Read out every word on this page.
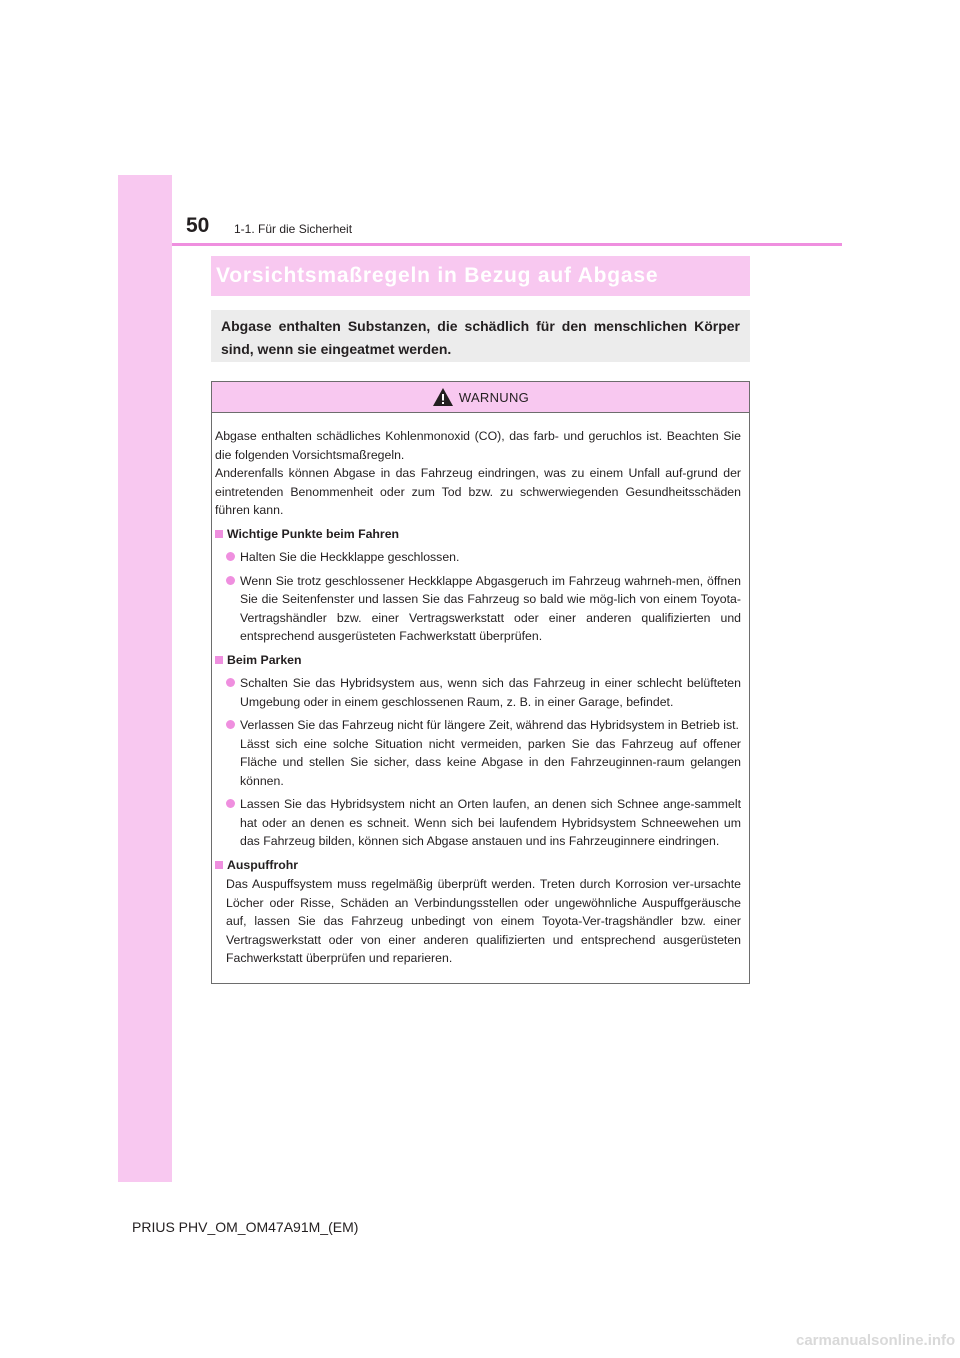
50 1-1. Für die Sicherheit
Vorsichtsmaßregeln in Bezug auf Abgase
Abgase enthalten Substanzen, die schädlich für den menschlichen Körper sind, wenn sie eingeatmet werden.
WARNUNG

Abgase enthalten schädliches Kohlenmonoxid (CO), das farb- und geruchlos ist. Beachten Sie die folgenden Vorsichtsmaßregeln.

Anderenfalls können Abgase in das Fahrzeug eindringen, was zu einem Unfall auf-grund der eintretenden Benommenheit oder zum Tod bzw. zu schwerwiegenden Gesundheitsschäden führen kann.

Wichtige Punkte beim Fahren
Halten Sie die Heckklappe geschlossen.
Wenn Sie trotz geschlossener Heckklappe Abgasgeruch im Fahrzeug wahrneh-men, öffnen Sie die Seitenfenster und lassen Sie das Fahrzeug so bald wie mög-lich von einem Toyota-Vertragshändler bzw. einer Vertragswerkstatt oder einer anderen qualifizierten und entsprechend ausgerüsteten Fachwerkstatt überprüfen.
Beim Parken
Schalten Sie das Hybridsystem aus, wenn sich das Fahrzeug in einer schlecht belüfteten Umgebung oder in einem geschlossenen Raum, z. B. in einer Garage, befindet.
Verlassen Sie das Fahrzeug nicht für längere Zeit, während das Hybridsystem in Betrieb ist.
Lässt sich eine solche Situation nicht vermeiden, parken Sie das Fahrzeug auf offener Fläche und stellen Sie sicher, dass keine Abgase in den Fahrzeuginnen-raum gelangen können.
Lassen Sie das Hybridsystem nicht an Orten laufen, an denen sich Schnee ange-sammelt hat oder an denen es schneit. Wenn sich bei laufendem Hybridsystem Schneewehen um das Fahrzeug bilden, können sich Abgase anstauen und ins Fahrzeuginnere eindringen.
Auspuffrohr
Das Auspuffsystem muss regelmäßig überprüft werden. Treten durch Korrosion ver-ursachte Löcher oder Risse, Schäden an Verbindungsstellen oder ungewöhnliche Auspuffgeräusche auf, lassen Sie das Fahrzeug unbedingt von einem Toyota-Ver-tragshändler bzw. einer Vertragswerkstatt oder von einer anderen qualifizierten und entsprechend ausgerüsteten Fachwerkstatt überprüfen und reparieren.
PRIUS PHV_OM_OM47A91M_(EM)
carmanualsonline.info
